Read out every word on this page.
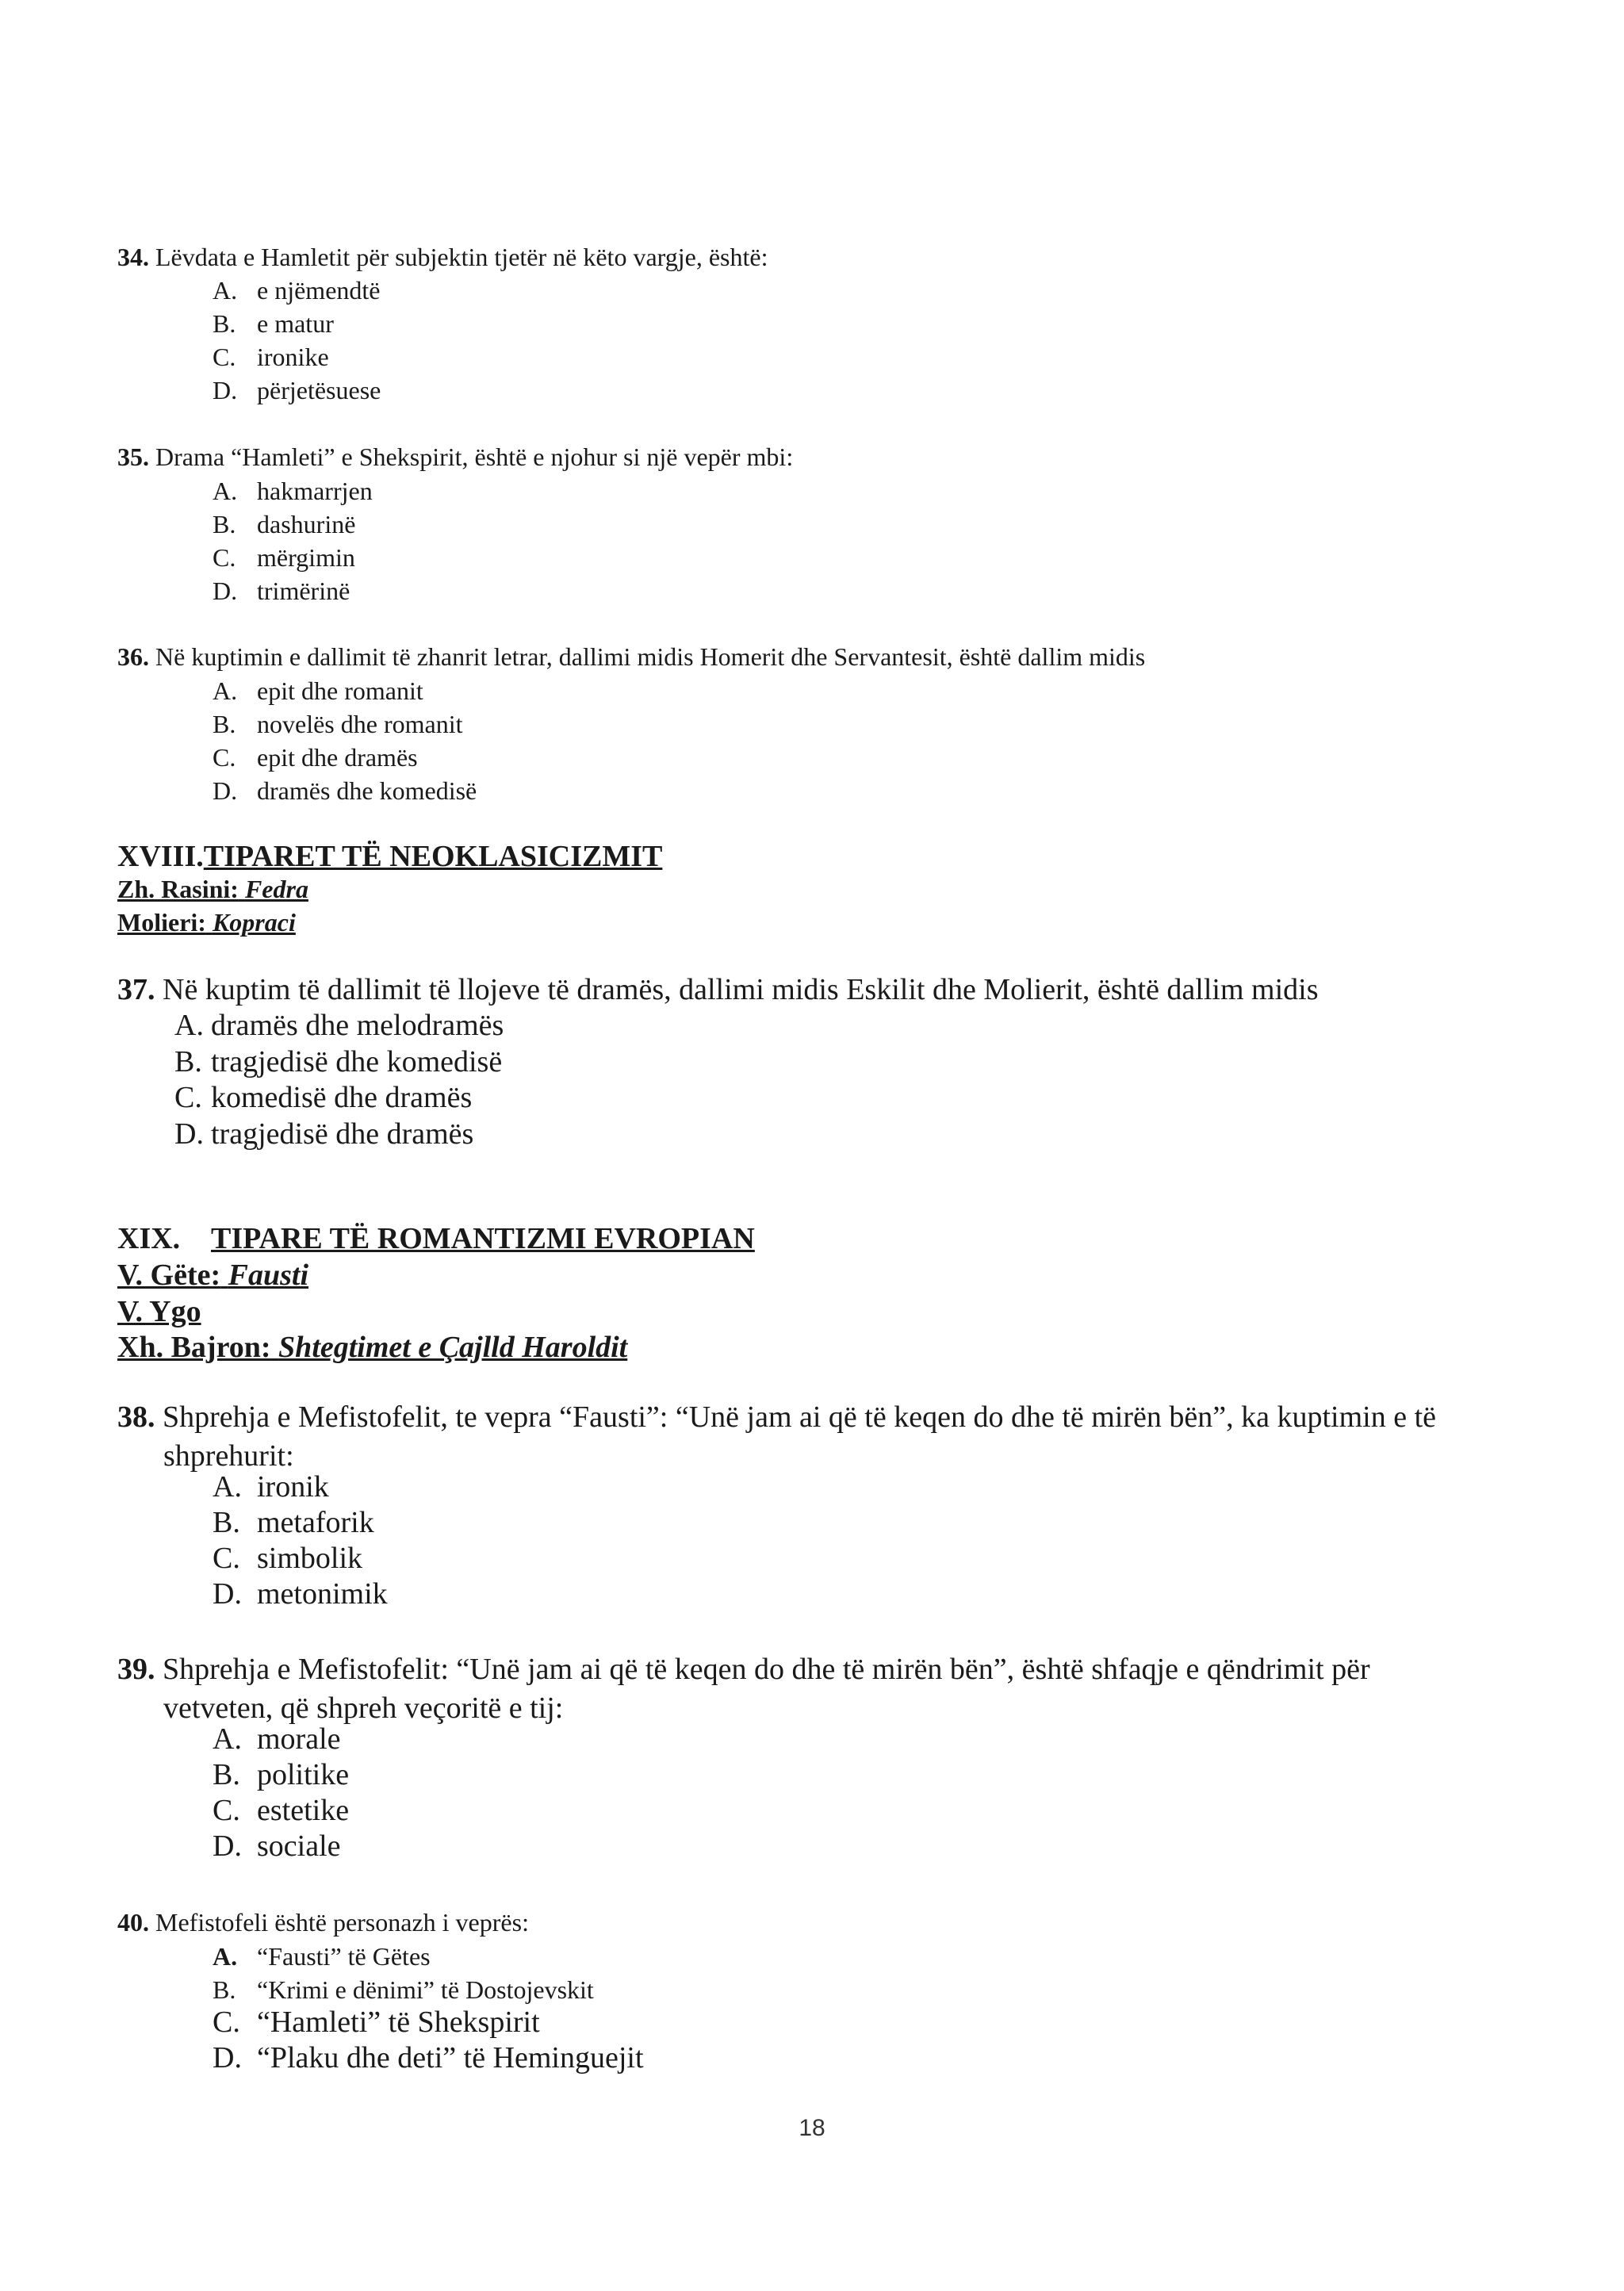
34. Lëvdata e Hamletit për subjektin tjetër në këto vargje, është:
A. e njëmendtë
B. e matur
C. ironike
D. përjetësuese
35. Drama “Hamleti” e Shekspirit, është e njohur si një vepër mbi:
A. hakmarrjen
B. dashurinë
C. mërgimin
D. trimërinë
36. Në kuptimin e dallimit të zhanrit letrar, dallimi midis Homerit dhe Servantesit, është dallim midis
A. epit dhe romanit
B. novelës dhe romanit
C. epit dhe dramës
D. dramës dhe komedisë
XVIII.TIPARET TË NEOKLASICIZMIT
Zh. Rasini: Fedra
Molieri: Kopraci
37. Në kuptim të dallimit të llojeve të dramës, dallimi midis Eskilit dhe Molierit, është dallim midis
A. dramës dhe melodramës
B. tragjedisë dhe komedisë
C. komedisë dhe dramës
D. tragjedisë dhe dramës
XIX. TIPARE TË ROMANTIZMI EVROPIAN
V. Gëte: Fausti
V. Ygo
Xh. Bajron: Shtegtimet e Çajlld Haroldit
38. Shprehja e Mefistofelit, te vepra “Fausti”: “Unë jam ai që të keqen do dhe të mirën bën”, ka kuptimin e të
shprehurit:
A. ironik
B. metaforik
C. simbolik
D. metonimik
39. Shprehja e Mefistofelit: “Unë jam ai që të keqen do dhe të mirën bën”, është shfaqje e qëndrimit për
vetveten, që shpreh veçoritë e tij:
A. morale
B. politike
C. estetike
D. sociale
40. Mefistofeli është personazh i veprës:
A. “Fausti” të Gëtes
B. “Krimi e dënimi” të Dostojevskit
C. “Hamleti” të Shekspirit
D. “Plaku dhe deti” të Heminguejit
18
